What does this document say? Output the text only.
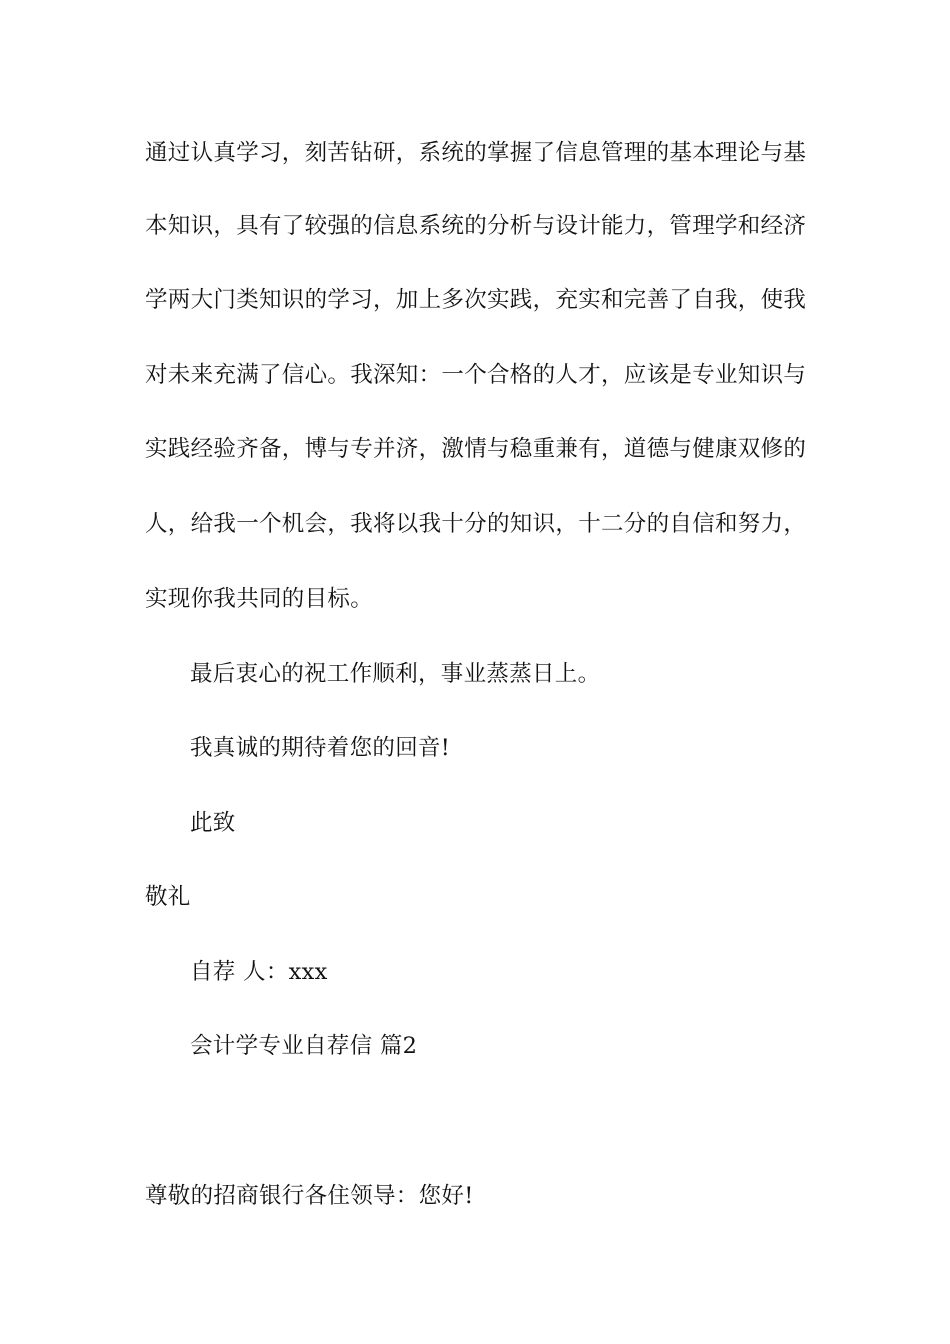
通过认真学习，刻苦钻研，系统的掌握了信息管理的基本理论与基
本知识，具有了较强的信息系统的分析与设计能力，管理学和经济
学两大门类知识的学习，加上多次实践，充实和完善了自我，使我
对未来充满了信心。我深知：一个合格的人才，应该是专业知识与
实践经验齐备，博与专并济，激情与稳重兼有，道德与健康双修的
人，给我一个机会，我将以我十分的知识，十二分的自信和努力，
实现你我共同的目标。
最后衷心的祝工作顺利，事业蒸蒸日上。
我真诚的期待着您的回音!
此致
敬礼
自荐 人：xxx
会计学专业自荐信 篇2
尊敬的招商银行各住领导：您好!
